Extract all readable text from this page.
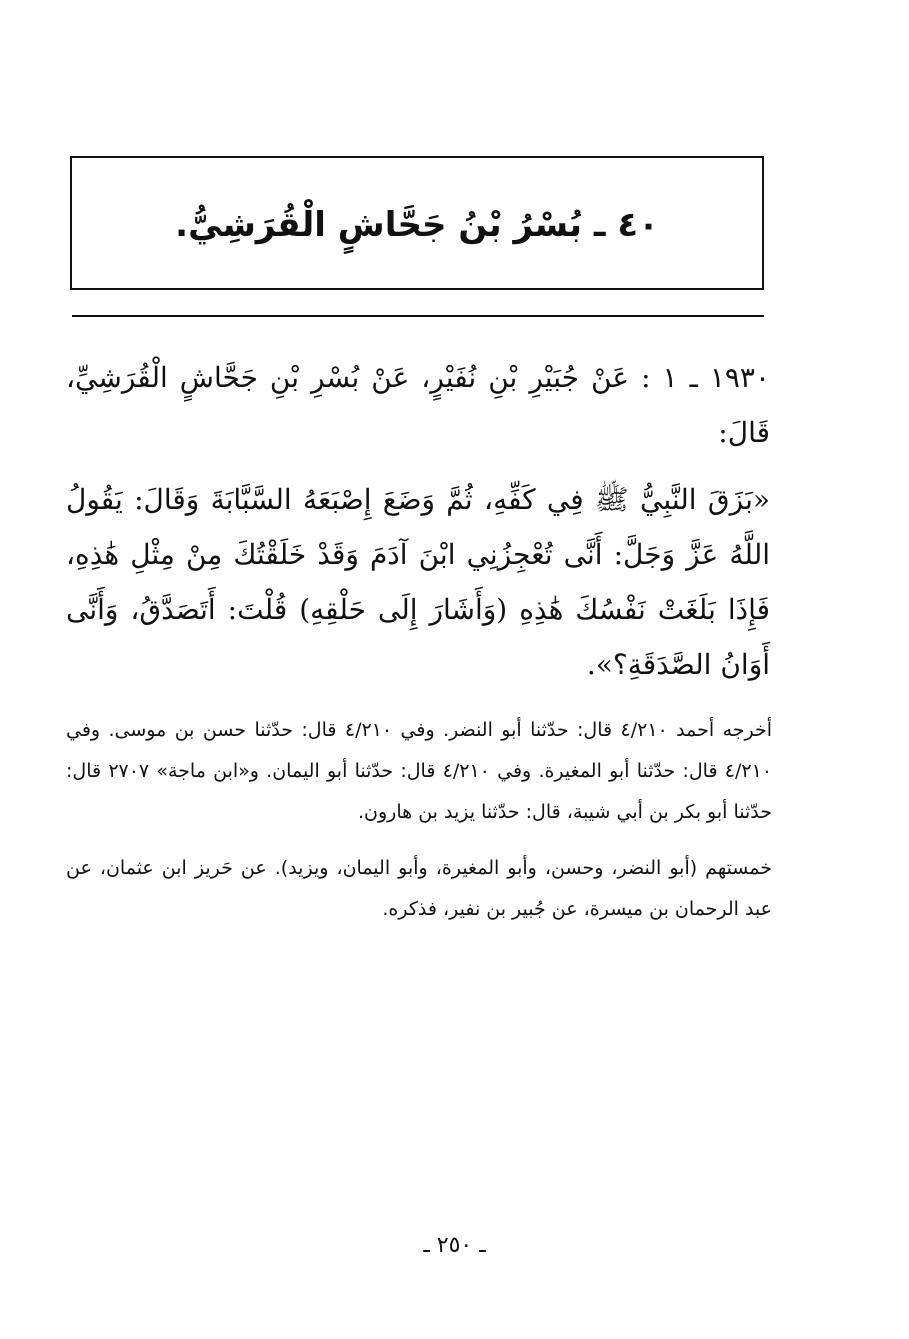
٤٠ ـ بُسْرُ بْنُ جَحَّاشٍ الْقُرَشِيُّ.

١٩٣٠ ـ ١ : عَنْ جُبَيْرِ بْنِ نُفَيْرٍ، عَنْ بُسْرِ بْنِ جَحَّاشٍ الْقُرَشِيِّ، قَالَ:

«بَزَقَ النَّبِيُّ ﷺ فِي كَفِّهِ، ثُمَّ وَضَعَ إِصْبَعَهُ السَّبَّابَةَ وَقَالَ: يَقُولُ اللَّهُ عَزَّ وَجَلَّ: أَنَّى تُعْجِزُنِي ابْنَ آدَمَ وَقَدْ خَلَقْتُكَ مِنْ مِثْلِ هَٰذِهِ، فَإِذَا بَلَغَتْ نَفْسُكَ هَٰذِهِ (وَأَشَارَ إِلَى حَلْقِهِ) قُلْتَ: أَتَصَدَّقُ، وَأَنَّى أَوَانُ الصَّدَقَةِ؟».

أخرجه أحمد ٤/٢١٠ قال: حدّثنا أبو النضر. وفي ٤/٢١٠ قال: حدّثنا حسن بن موسى. وفي ٤/٢١٠ قال: حدّثنا أبو المغيرة. وفي ٤/٢١٠ قال: حدّثنا أبو اليمان. و«ابن ماجة» ٢٧٠٧ قال: حدّثنا أبو بكر بن أبي شيبة، قال: حدّثنا يزيد بن هارون.

خمستهم (أبو النضر، وحسن، وأبو المغيرة، وأبو اليمان، ويزيد). عن حَريز ابن عثمان، عن عبد الرحمان بن ميسرة، عن جُبير بن نفير، فذكره.

ـ ٢٥٠ ـ
